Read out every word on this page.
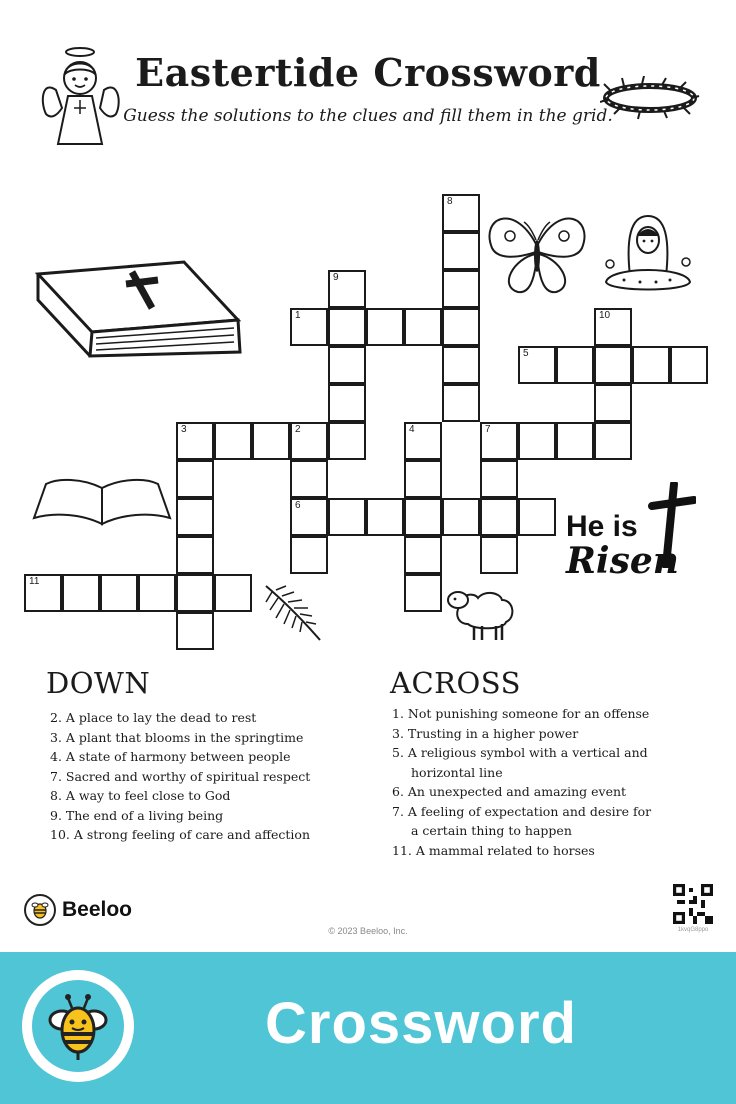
Eastertide Crossword
Guess the solutions to the clues and fill them in the grid.
He is
Risen
1
5
3	2	7
6
11
8
9
10
4
DOWN
2. A place to lay the dead to rest
3. A plant that blooms in the springtime
4. A state of harmony between people
7. Sacred and worthy of spiritual respect
8. A way to feel close to God
9. The end of a living being
10. A strong feeling of care and affection
ACROSS
1. Not punishing someone for an offense
3. Trusting in a higher power
5. A religious symbol with a vertical and
horizontal line
6. An unexpected and amazing event
7. A feeling of expectation and desire for
a certain thing to happen
11. A mammal related to horses
Beeloo
© 2023 Beeloo, Inc.	1kvqG8ppo
Crossword
